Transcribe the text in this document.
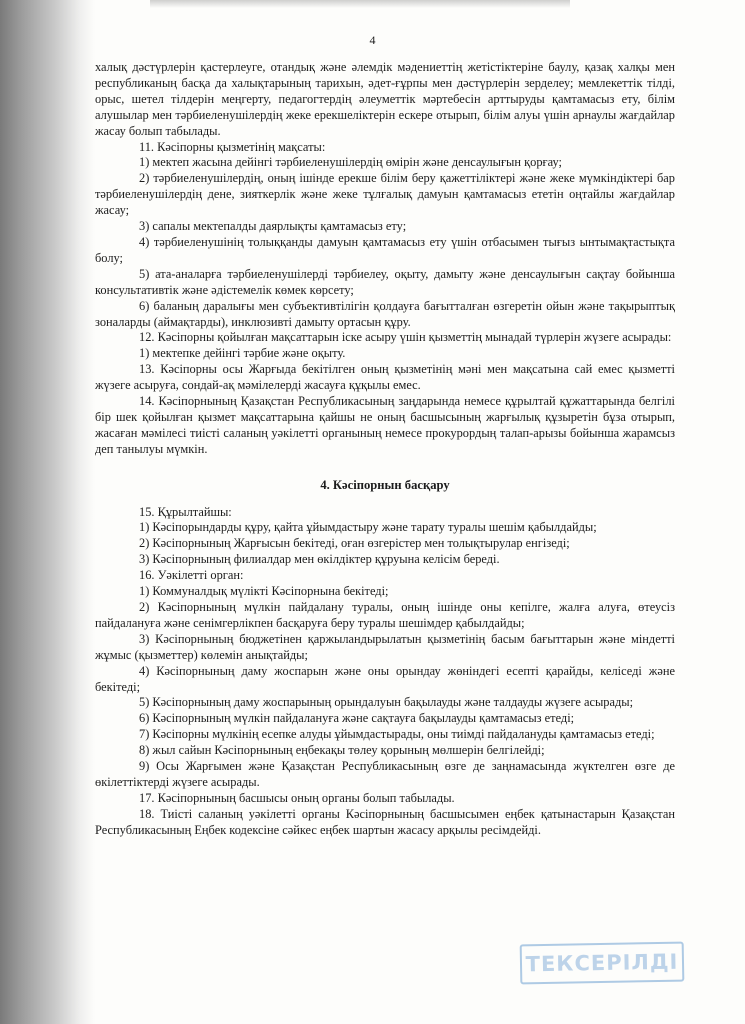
4

халық дәстүрлерін қастерлеуге, отандық және әлемдік мәдениеттің жетістіктеріне баулу, қазақ халқы мен республиканың басқа да халықтарының тарихын, әдет-ғұрпы мен дәстүрлерін зерделеу; мемлекеттік тілді, орыс, шетел тілдерін меңгерту, педагогтердің әлеуметтік мәртебесін арттыруды қамтамасыз ету, білім алушылар мен тәрбиеленушілердің жеке ерекшеліктерін ескере отырып, білім алуы үшін арнаулы жағдайлар жасау болып табылады.

11. Кәсіпорны қызметінің мақсаты:

1) мектеп жасына дейінгі тәрбиеленушілердің өмірін және денсаулығын қорғау;

2) тәрбиеленушілердің, оның ішінде ерекше білім беру қажеттіліктері және жеке мүмкіндіктері бар тәрбиеленушілердің дене, зияткерлік және жеке тұлғалық дамуын қамтамасыз ететін оңтайлы жағдайлар жасау;

3) сапалы мектепалды даярлықты қамтамасыз ету;

4) тәрбиеленушінің толыққанды дамуын қамтамасыз ету үшін отбасымен тығыз ынтымақтастықта болу;

5) ата-аналарға тәрбиеленушілерді тәрбиелеу, оқыту, дамыту және денсаулығын сақтау бойынша консультативтік және әдістемелік көмек көрсету;

6) баланың даралығы мен субъективтілігін қолдауға бағытталған өзгеретін ойын және тақырыптық зоналарды (аймақтарды), инклюзивті дамыту ортасын құру.

12. Кәсіпорны қойылған мақсаттарын іске асыру үшін қызметтің мынадай түрлерін жүзеге асырады:

1) мектепке дейінгі тәрбие және оқыту.

13. Кәсіпорны осы Жарғыда бекітілген оның қызметінің мәні мен мақсатына сай емес қызметті жүзеге асыруға, сондай-ақ мәмілелерді жасауға құқылы емес.

14. Кәсіпорнының Қазақстан Республикасының заңдарында немесе құрылтай құжаттарында белгілі бір шек қойылған қызмет мақсаттарына қайшы не оның басшысының жарғылық құзыретін бұза отырып, жасаған мәмілесі тиісті саланың уәкілетті органының немесе прокурордың талап-арызы бойынша жарамсыз деп танылуы мүмкін.

4. Кәсіпорнын басқару

15. Құрылтайшы:

1) Кәсіпорындарды құру, қайта ұйымдастыру және тарату туралы шешім қабылдайды;

2) Кәсіпорнының Жарғысын бекітеді, оған өзгерістер мен толықтырулар енгізеді;

3) Кәсіпорнының филиалдар мен өкілдіктер құруына келісім береді.

16. Уәкілетті орган:

1) Коммуналдық мүлікті Кәсіпорнына бекітеді;

2) Кәсіпорнының мүлкін пайдалану туралы, оның ішінде оны кепілге, жалға алуға, өтеусіз пайдалануға және сенімгерлікпен басқаруға беру туралы шешімдер қабылдайды;

3) Кәсіпорнының бюджетінен қаржыландырылатын қызметінің басым бағыттарын және міндетті жұмыс (қызметтер) көлемін анықтайды;

4) Кәсіпорнының даму жоспарын және оны орындау жөніндегі есепті қарайды, келіседі және бекітеді;

5) Кәсіпорнының даму жоспарының орындалуын бақылауды және талдауды жүзеге асырады;

6) Кәсіпорнының мүлкін пайдалануға және сақтауға бақылауды қамтамасыз етеді;

7) Кәсіпорны мүлкінің есепке алуды ұйымдастырады, оны тиімді пайдалануды қамтамасыз етеді;

8) жыл сайын Кәсіпорнының еңбекақы төлеу қорының мөлшерін белгілейді;

9) Осы Жарғымен және Қазақстан Республикасының өзге де заңнамасында жүктелген өзге де өкілеттіктерді жүзеге асырады.

17. Кәсіпорнының басшысы оның органы болып табылады.

18. Тиісті саланың уәкілетті органы Кәсіпорнының басшысымен еңбек қатынастарын Қазақстан Республикасының Еңбек кодексіне сәйкес еңбек шартын жасасу арқылы ресімдейді.

ТЕКСЕРІЛДІ
